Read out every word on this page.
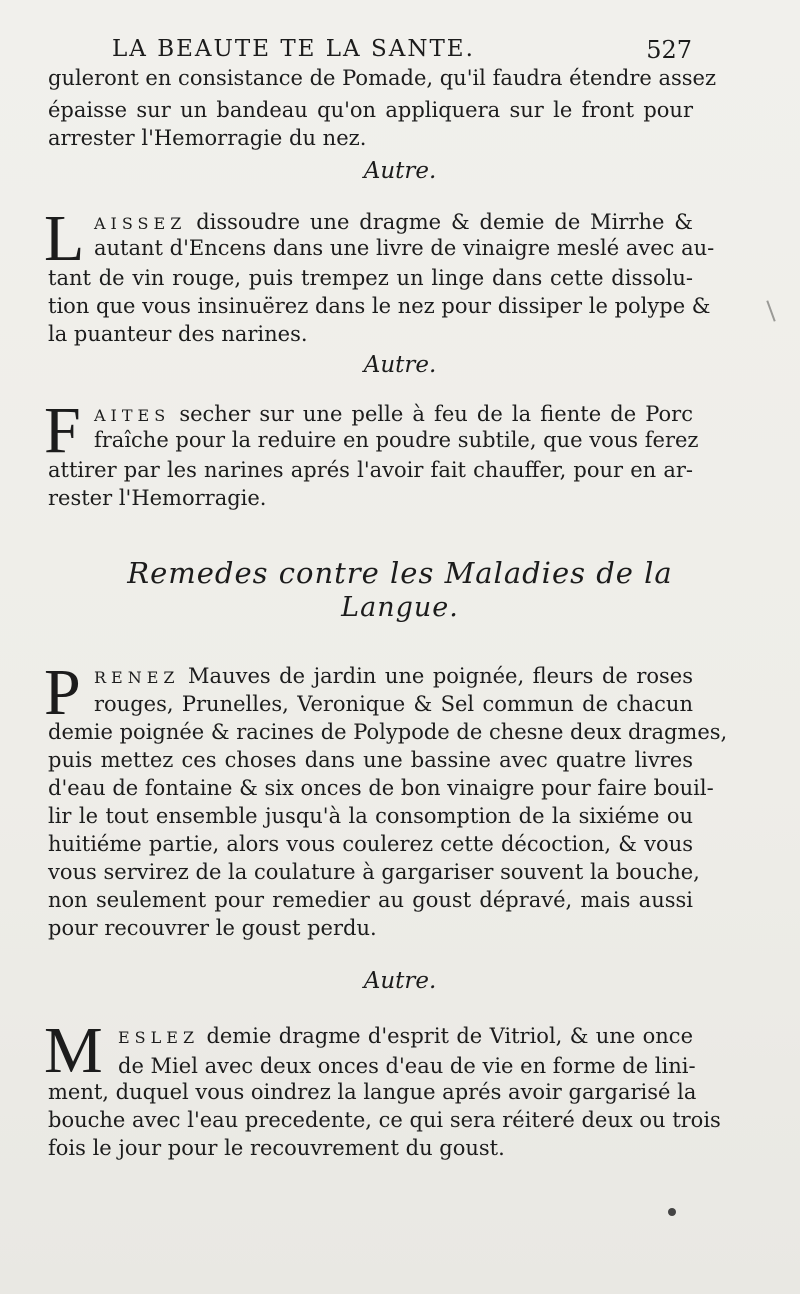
LA BEAUTE TE LA SANTE.	527
guleront en consistance de Pomade, qu'il faudra étendre assez
épaisse sur un bandeau qu'on appliquera sur le front pour
arrester l'Hemorragie du nez.
Autre.
L AISSEZ dissoudre une dragme & demie de Mirrhe &
autant d'Encens dans une livre de vinaigre meslé avec au-
tant de vin rouge, puis trempez un linge dans cette dissolu-
tion que vous insinuërez dans le nez pour dissiper le polype &
la puanteur des narines.
Autre.
F AITES secher sur une pelle à feu de la fiente de Porc
fraîche pour la reduire en poudre subtile, que vous ferez
attirer par les narines aprés l'avoir fait chauffer, pour en ar-
rester l'Hemorragie.
Remedes contre les Maladies de la
Langue.
P RENEZ Mauves de jardin une poignée, fleurs de roses
rouges, Prunelles, Veronique & Sel commun de chacun
demie poignée & racines de Polypode de chesne deux dragmes,
puis mettez ces choses dans une bassine avec quatre livres
d'eau de fontaine & six onces de bon vinaigre pour faire bouil-
lir le tout ensemble jusqu'à la consomption de la sixiéme ou
huitiéme partie, alors vous coulerez cette décoction, & vous
vous servirez de la coulature à gargariser souvent la bouche,
non seulement pour remedier au goust dépravé, mais aussi
pour recouvrer le goust perdu.
Autre.
M ESLEZ demie dragme d'esprit de Vitriol, & une once
de Miel avec deux onces d'eau de vie en forme de lini-
ment, duquel vous oindrez la langue aprés avoir gargarisé la
bouche avec l'eau precedente, ce qui sera réiteré deux ou trois
fois le jour pour le recouvrement du goust.
